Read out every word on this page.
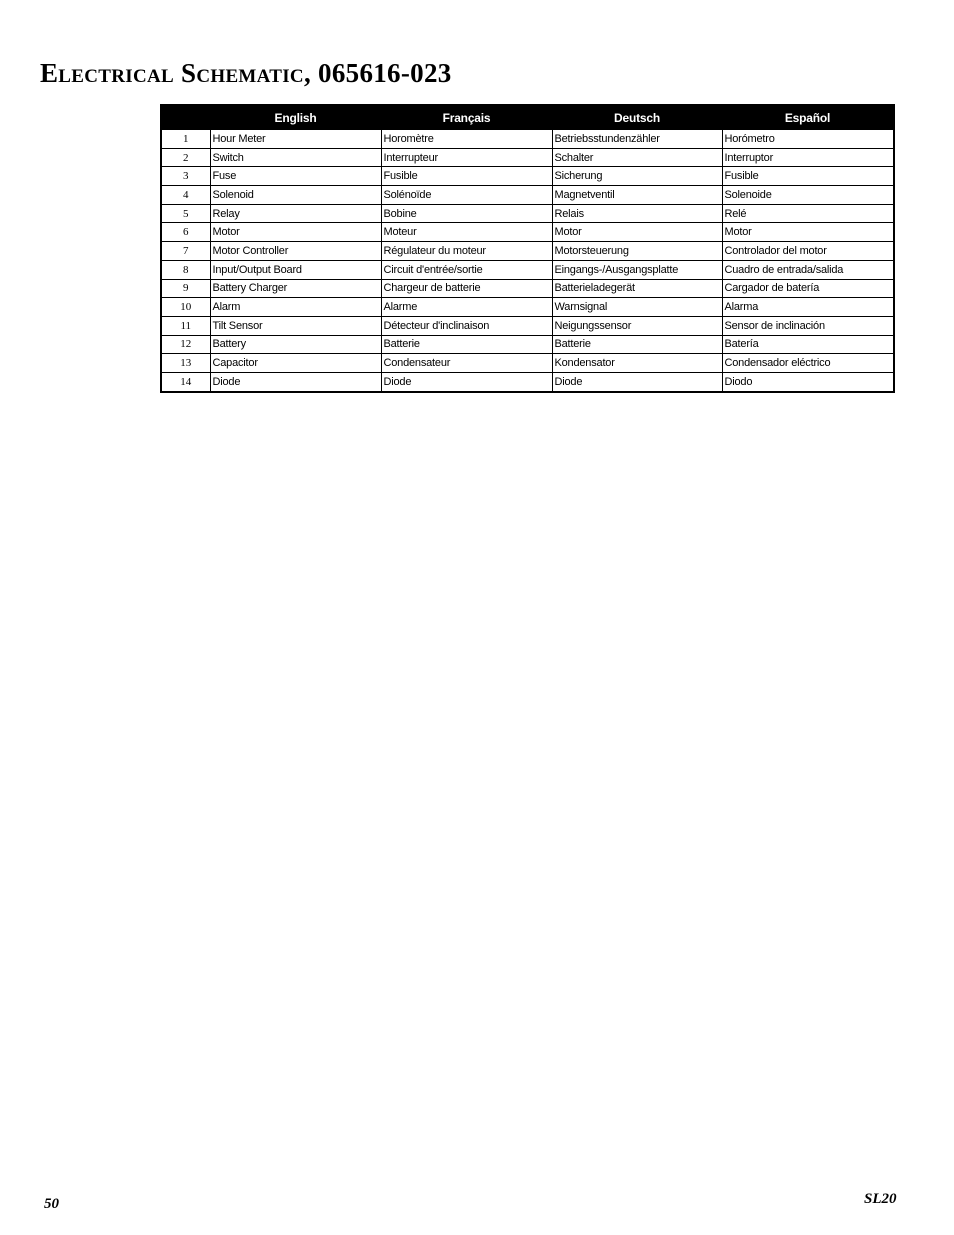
Electrical Schematic, 065616-023
	English	Français	Deutsch	Español
1	Hour Meter	Horomètre	Betriebsstundenzähler	Horómetro
2	Switch	Interrupteur	Schalter	Interruptor
3	Fuse	Fusible	Sicherung	Fusible
4	Solenoid	Solénoïde	Magnetventil	Solenoide
5	Relay	Bobine	Relais	Relé
6	Motor	Moteur	Motor	Motor
7	Motor Controller	Régulateur du moteur	Motorsteuerung	Controlador del motor
8	Input/Output Board	Circuit d'entrée/sortie	Eingangs-/Ausgangsplatte	Cuadro de entrada/salida
9	Battery Charger	Chargeur de batterie	Batterieladegerät	Cargador de batería
10	Alarm	Alarme	Warnsignal	Alarma
11	Tilt Sensor	Détecteur d'inclinaison	Neigungssensor	Sensor de inclinación
12	Battery	Batterie	Batterie	Batería
13	Capacitor	Condensateur	Kondensator	Condensador eléctrico
14	Diode	Diode	Diode	Diodo
50	SL20
